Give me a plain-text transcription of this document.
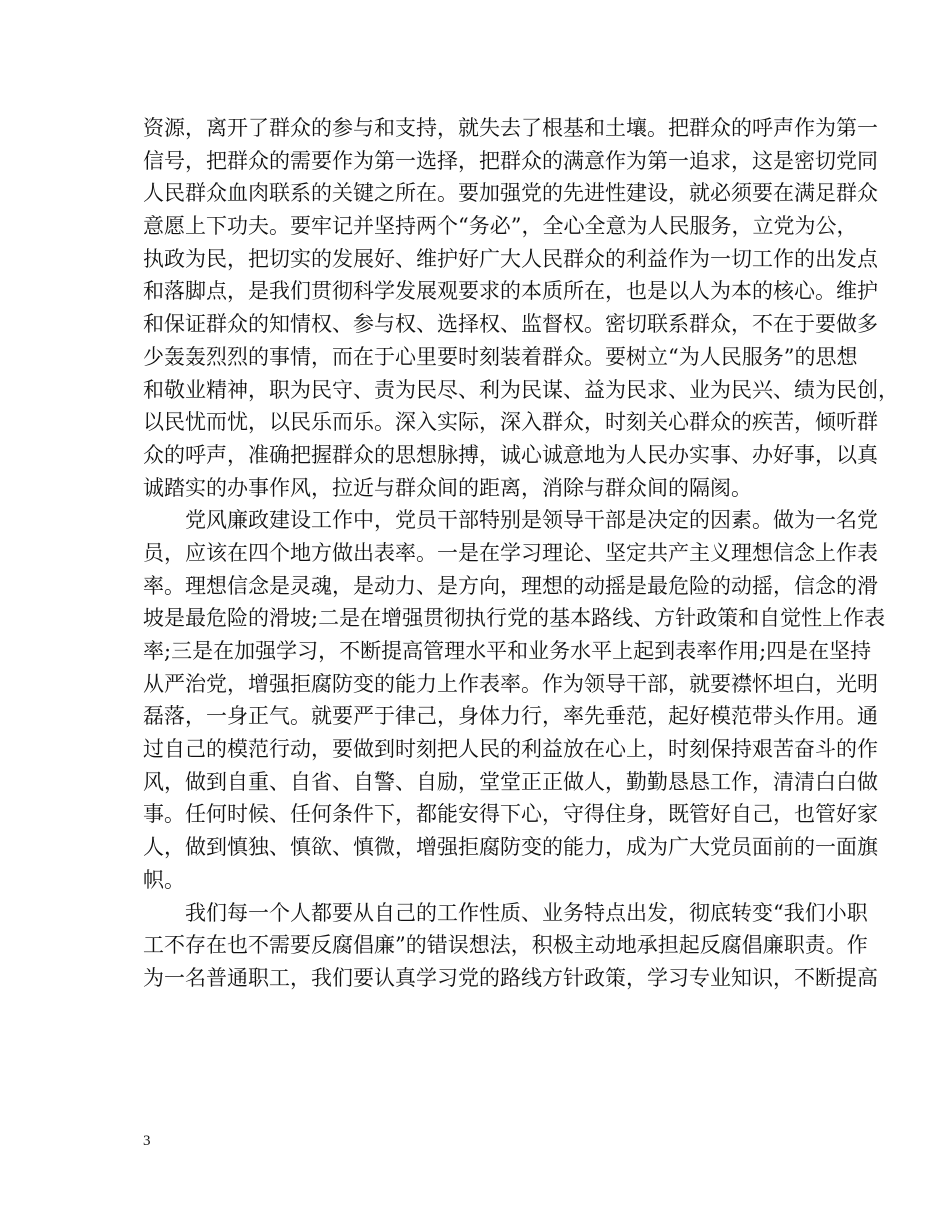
资源，离开了群众的参与和支持，就失去了根基和土壤。把群众的呼声作为第一
信号，把群众的需要作为第一选择，把群众的满意作为第一追求，这是密切党同
人民群众血肉联系的关键之所在。要加强党的先进性建设，就必须要在满足群众
意愿上下功夫。要牢记并坚持两个“务必”，全心全意为人民服务，立党为公，
执政为民，把切实的发展好、维护好广大人民群众的利益作为一切工作的出发点
和落脚点，是我们贯彻科学发展观要求的本质所在，也是以人为本的核心。维护
和保证群众的知情权、参与权、选择权、监督权。密切联系群众，不在于要做多
少轰轰烈烈的事情，而在于心里要时刻装着群众。要树立“为人民服务”的思想
和敬业精神，职为民守、责为民尽、利为民谋、益为民求、业为民兴、绩为民创，
以民忧而忧，以民乐而乐。深入实际，深入群众，时刻关心群众的疾苦，倾听群
众的呼声，准确把握群众的思想脉搏，诚心诚意地为人民办实事、办好事，以真
诚踏实的办事作风，拉近与群众间的距离，消除与群众间的隔阂。
党风廉政建设工作中，党员干部特别是领导干部是决定的因素。做为一名党
员，应该在四个地方做出表率。一是在学习理论、坚定共产主义理想信念上作表
率。理想信念是灵魂，是动力、是方向，理想的动摇是最危险的动摇，信念的滑
坡是最危险的滑坡;二是在增强贯彻执行党的基本路线、方针政策和自觉性上作表
率;三是在加强学习，不断提高管理水平和业务水平上起到表率作用;四是在坚持
从严治党，增强拒腐防变的能力上作表率。作为领导干部，就要襟怀坦白，光明
磊落，一身正气。就要严于律己，身体力行，率先垂范，起好模范带头作用。通
过自己的模范行动，要做到时刻把人民的利益放在心上，时刻保持艰苦奋斗的作
风，做到自重、自省、自警、自励，堂堂正正做人，勤勤恳恳工作，清清白白做
事。任何时候、任何条件下，都能安得下心，守得住身，既管好自己，也管好家
人，做到慎独、慎欲、慎微，增强拒腐防变的能力，成为广大党员面前的一面旗
帜。
我们每一个人都要从自己的工作性质、业务特点出发，彻底转变“我们小职
工不存在也不需要反腐倡廉”的错误想法，积极主动地承担起反腐倡廉职责。作
为一名普通职工，我们要认真学习党的路线方针政策，学习专业知识，不断提高
3
